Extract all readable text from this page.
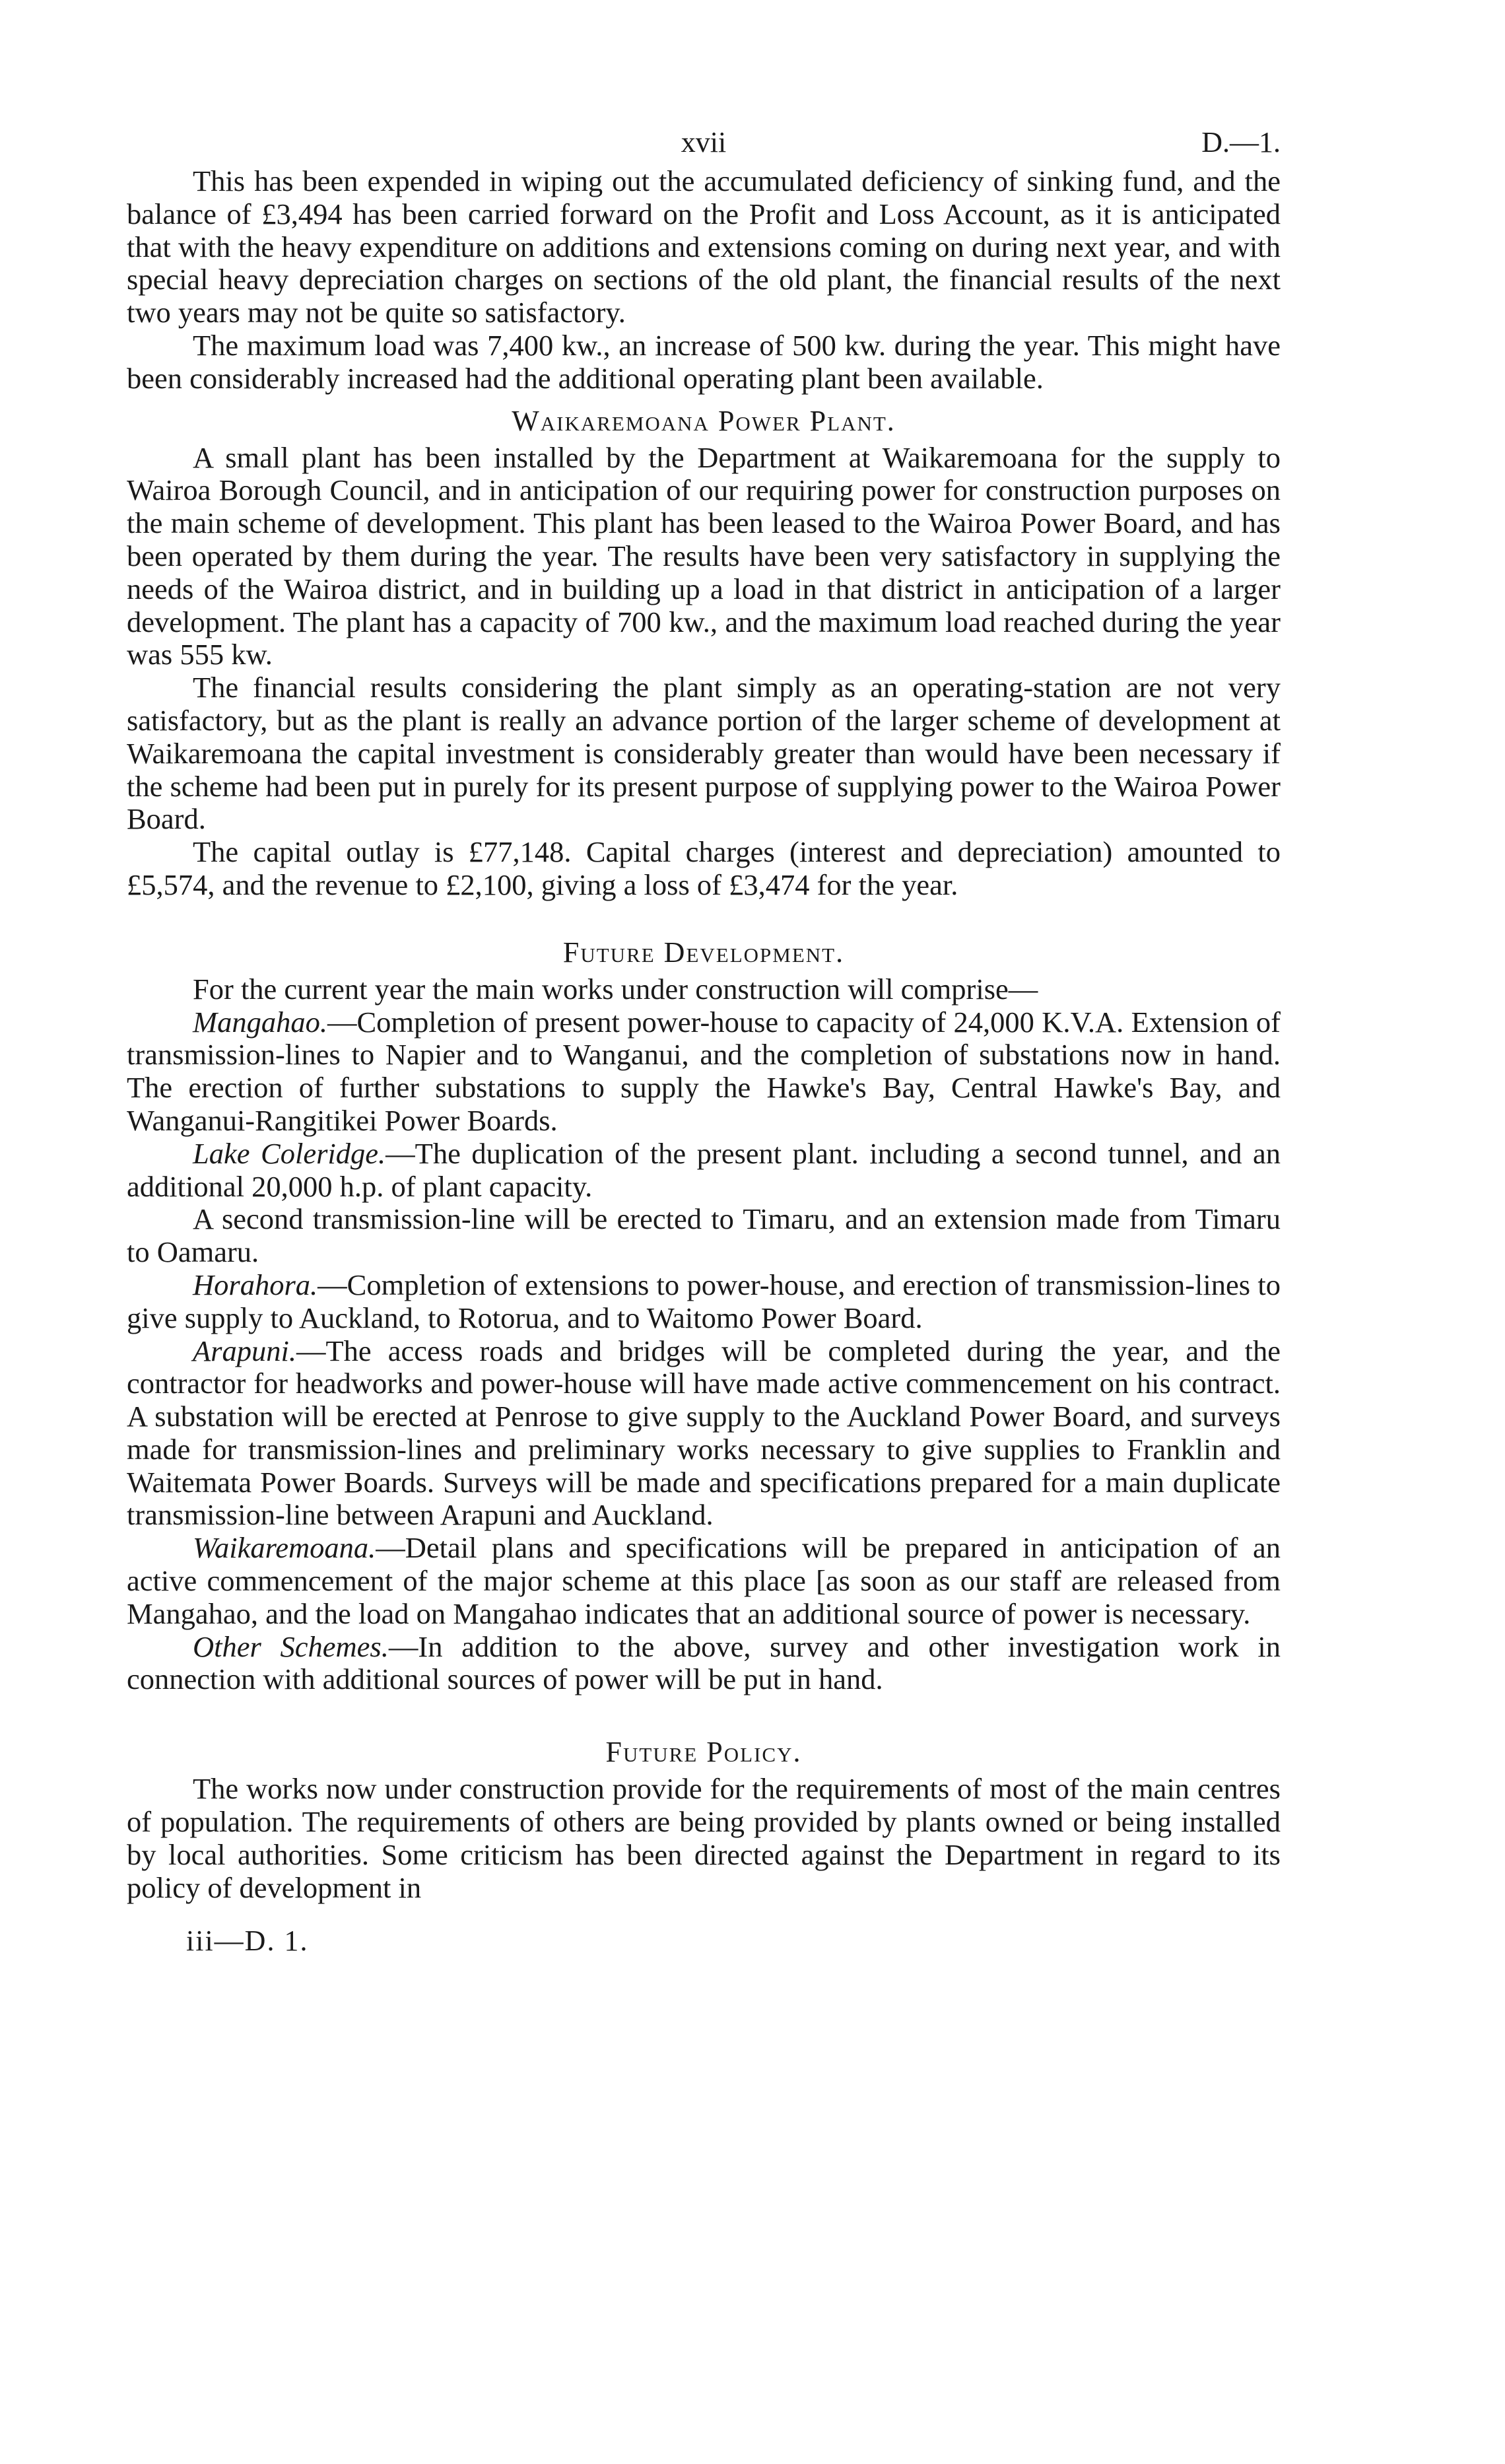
xvii	D.—1.

This has been expended in wiping out the accumulated deficiency of sinking fund, and the balance of £3,494 has been carried forward on the Profit and Loss Account, as it is anticipated that with the heavy expenditure on additions and extensions coming on during next year, and with special heavy depreciation charges on sections of the old plant, the financial results of the next two years may not be quite so satisfactory.

The maximum load was 7,400 kw., an increase of 500 kw. during the year. This might have been considerably increased had the additional operating plant been available.

Waikaremoana Power Plant.

A small plant has been installed by the Department at Waikaremoana for the supply to Wairoa Borough Council, and in anticipation of our requiring power for construction purposes on the main scheme of development. This plant has been leased to the Wairoa Power Board, and has been operated by them during the year. The results have been very satisfactory in supplying the needs of the Wairoa district, and in building up a load in that district in anticipation of a larger development. The plant has a capacity of 700 kw., and the maximum load reached during the year was 555 kw.

The financial results considering the plant simply as an operating-station are not very satisfactory, but as the plant is really an advance portion of the larger scheme of development at Waikaremoana the capital investment is considerably greater than would have been necessary if the scheme had been put in purely for its present purpose of supplying power to the Wairoa Power Board.

The capital outlay is £77,148. Capital charges (interest and depreciation) amounted to £5,574, and the revenue to £2,100, giving a loss of £3,474 for the year.

Future Development.

For the current year the main works under construction will comprise—

Mangahao.—Completion of present power-house to capacity of 24,000 K.V.A. Extension of transmission-lines to Napier and to Wanganui, and the completion of substations now in hand. The erection of further substations to supply the Hawke's Bay, Central Hawke's Bay, and Wanganui-Rangitikei Power Boards.

Lake Coleridge.—The duplication of the present plant. including a second tunnel, and an additional 20,000 h.p. of plant capacity.

A second transmission-line will be erected to Timaru, and an extension made from Timaru to Oamaru.

Horahora.—Completion of extensions to power-house, and erection of transmission-lines to give supply to Auckland, to Rotorua, and to Waitomo Power Board.

Arapuni.—The access roads and bridges will be completed during the year, and the contractor for headworks and power-house will have made active commencement on his contract. A substation will be erected at Penrose to give supply to the Auckland Power Board, and surveys made for transmission-lines and preliminary works necessary to give supplies to Franklin and Waitemata Power Boards. Surveys will be made and specifications prepared for a main duplicate transmission-line between Arapuni and Auckland.

Waikaremoana.—Detail plans and specifications will be prepared in anticipation of an active commencement of the major scheme at this place [as soon as our staff are released from Mangahao, and the load on Mangahao indicates that an additional source of power is necessary.

Other Schemes.—In addition to the above, survey and other investigation work in connection with additional sources of power will be put in hand.

Future Policy.

The works now under construction provide for the requirements of most of the main centres of population. The requirements of others are being provided by plants owned or being installed by local authorities. Some criticism has been directed against the Department in regard to its policy of development in

iii—D. 1.
